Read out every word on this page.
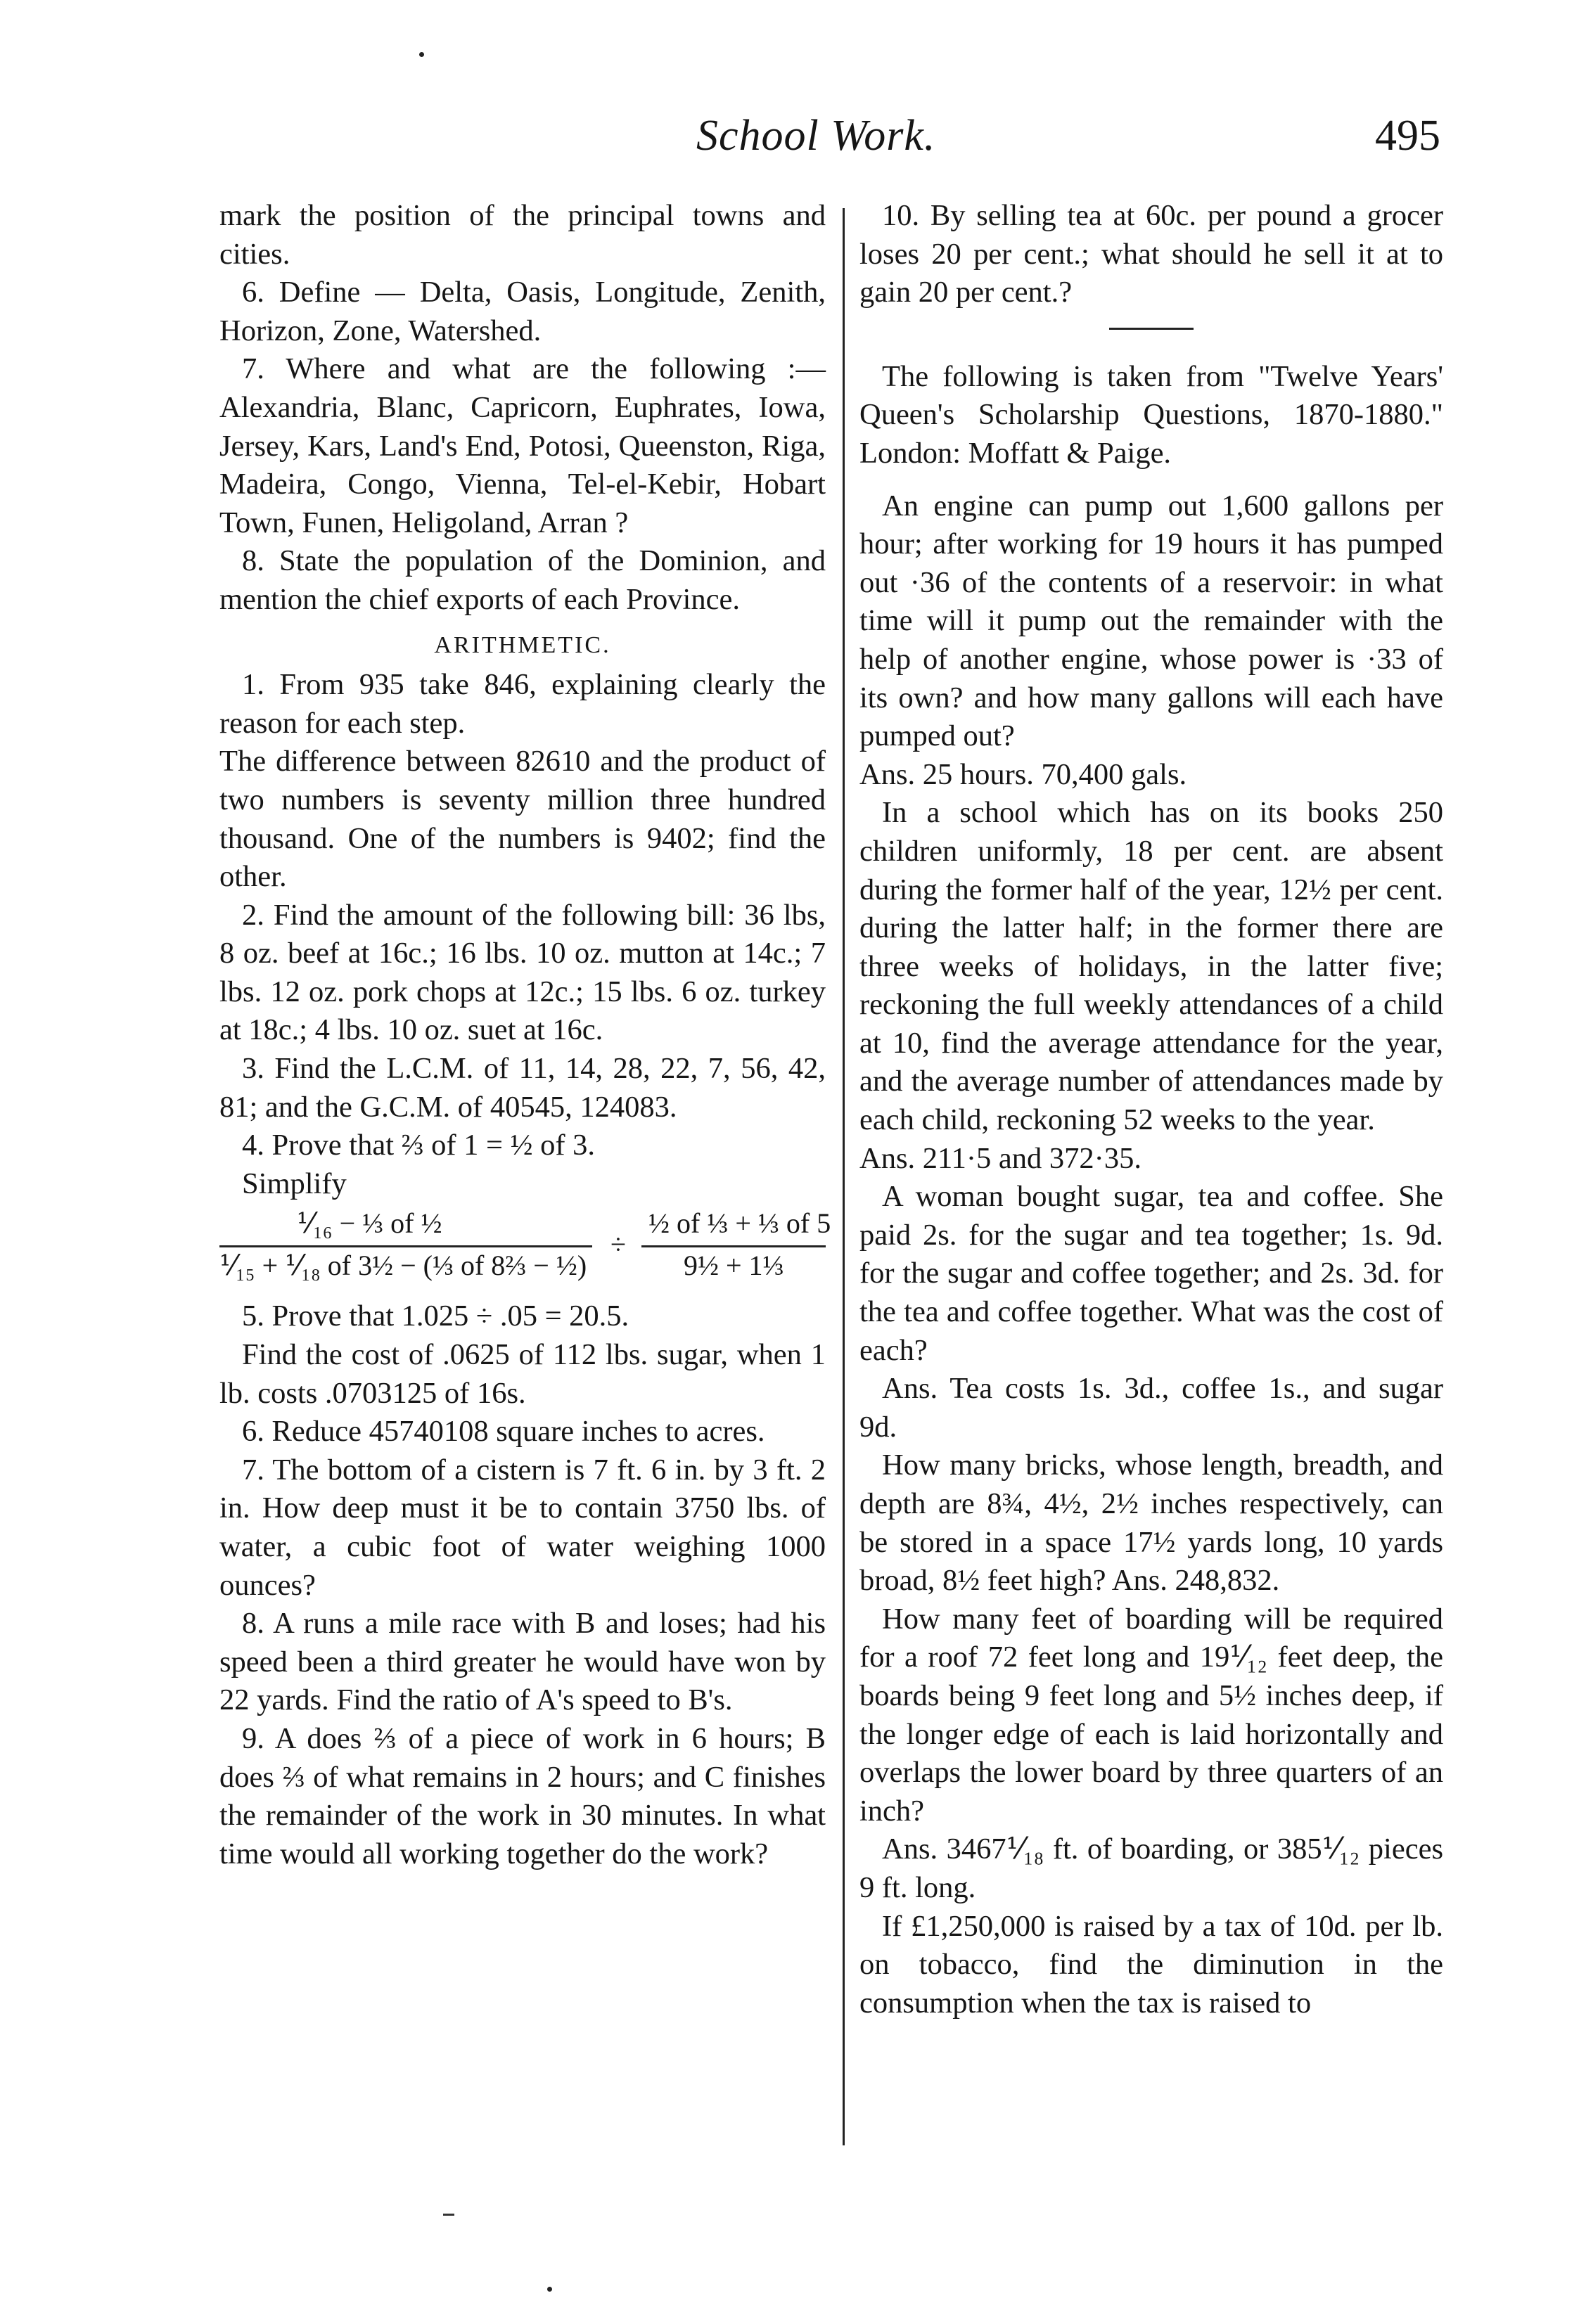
School Work.	495

mark the position of the principal towns and cities.

6. Define — Delta, Oasis, Longitude, Zenith, Horizon, Zone, Watershed.

7. Where and what are the following :— Alexandria, Blanc, Capricorn, Euphrates, Iowa, Jersey, Kars, Land's End, Potosi, Queenston, Riga, Madeira, Congo, Vienna, Tel-el-Kebir, Hobart Town, Funen, Heligoland, Arran ?

8. State the population of the Dominion, and mention the chief exports of each Province.

ARITHMETIC.

1. From 935 take 846, explaining clearly the reason for each step.

The difference between 82610 and the product of two numbers is seventy million three hundred thousand. One of the numbers is 9402; find the other.

2. Find the amount of the following bill: 36 lbs, 8 oz. beef at 16c.; 16 lbs. 10 oz. mutton at 14c.; 7 lbs. 12 oz. pork chops at 12c.; 15 lbs. 6 oz. turkey at 18c.; 4 lbs. 10 oz. suet at 16c.

3. Find the L.C.M. of 11, 14, 28, 22, 7, 56, 42, 81; and the G.C.M. of 40545, 124083.

4. Prove that ⅔ of 1 = ½ of 3.

Simplify

⅟₁₆ − ⅓ of ½
⅟₁₅ + ⅟₁₈ of 3½ − (⅓ of 8⅔ − ½)
÷
½ of ⅓ + ⅓ of 5
9½ + 1⅓

5. Prove that 1.025 ÷ .05 = 20.5.

Find the cost of .0625 of 112 lbs. sugar, when 1 lb. costs .0703125 of 16s.

6. Reduce 45740108 square inches to acres.

7. The bottom of a cistern is 7 ft. 6 in. by 3 ft. 2 in. How deep must it be to contain 3750 lbs. of water, a cubic foot of water weighing 1000 ounces?

8. A runs a mile race with B and loses; had his speed been a third greater he would have won by 22 yards. Find the ratio of A's speed to B's.

9. A does ⅔ of a piece of work in 6 hours; B does ⅔ of what remains in 2 hours; and C finishes the remainder of the work in 30 minutes. In what time would all working together do the work?

10. By selling tea at 60c. per pound a grocer loses 20 per cent.; what should he sell it at to gain 20 per cent.?

The following is taken from "Twelve Years' Queen's Scholarship Questions, 1870-1880." London: Moffatt & Paige.

An engine can pump out 1,600 gallons per hour; after working for 19 hours it has pumped out ·36 of the contents of a reservoir: in what time will it pump out the remainder with the help of another engine, whose power is ·33 of its own? and how many gallons will each have pumped out?

Ans. 25 hours. 70,400 gals.

In a school which has on its books 250 children uniformly, 18 per cent. are absent during the former half of the year, 12½ per cent. during the latter half; in the former there are three weeks of holidays, in the latter five; reckoning the full weekly attendances of a child at 10, find the average attendance for the year, and the average number of attendances made by each child, reckoning 52 weeks to the year.

Ans. 211·5 and 372·35.

A woman bought sugar, tea and coffee. She paid 2s. for the sugar and tea together; 1s. 9d. for the sugar and coffee together; and 2s. 3d. for the tea and coffee together. What was the cost of each?

Ans. Tea costs 1s. 3d., coffee 1s., and sugar 9d.

How many bricks, whose length, breadth, and depth are 8¾, 4½, 2½ inches respectively, can be stored in a space 17½ yards long, 10 yards broad, 8½ feet high? Ans. 248,832.

How many feet of boarding will be required for a roof 72 feet long and 19⅟₁₂ feet deep, the boards being 9 feet long and 5½ inches deep, if the longer edge of each is laid horizontally and overlaps the lower board by three quarters of an inch?

Ans. 3467⅟₁₈ ft. of boarding, or 385⅟₁₂ pieces 9 ft. long.

If £1,250,000 is raised by a tax of 10d. per lb. on tobacco, find the diminution in the consumption when the tax is raised to
